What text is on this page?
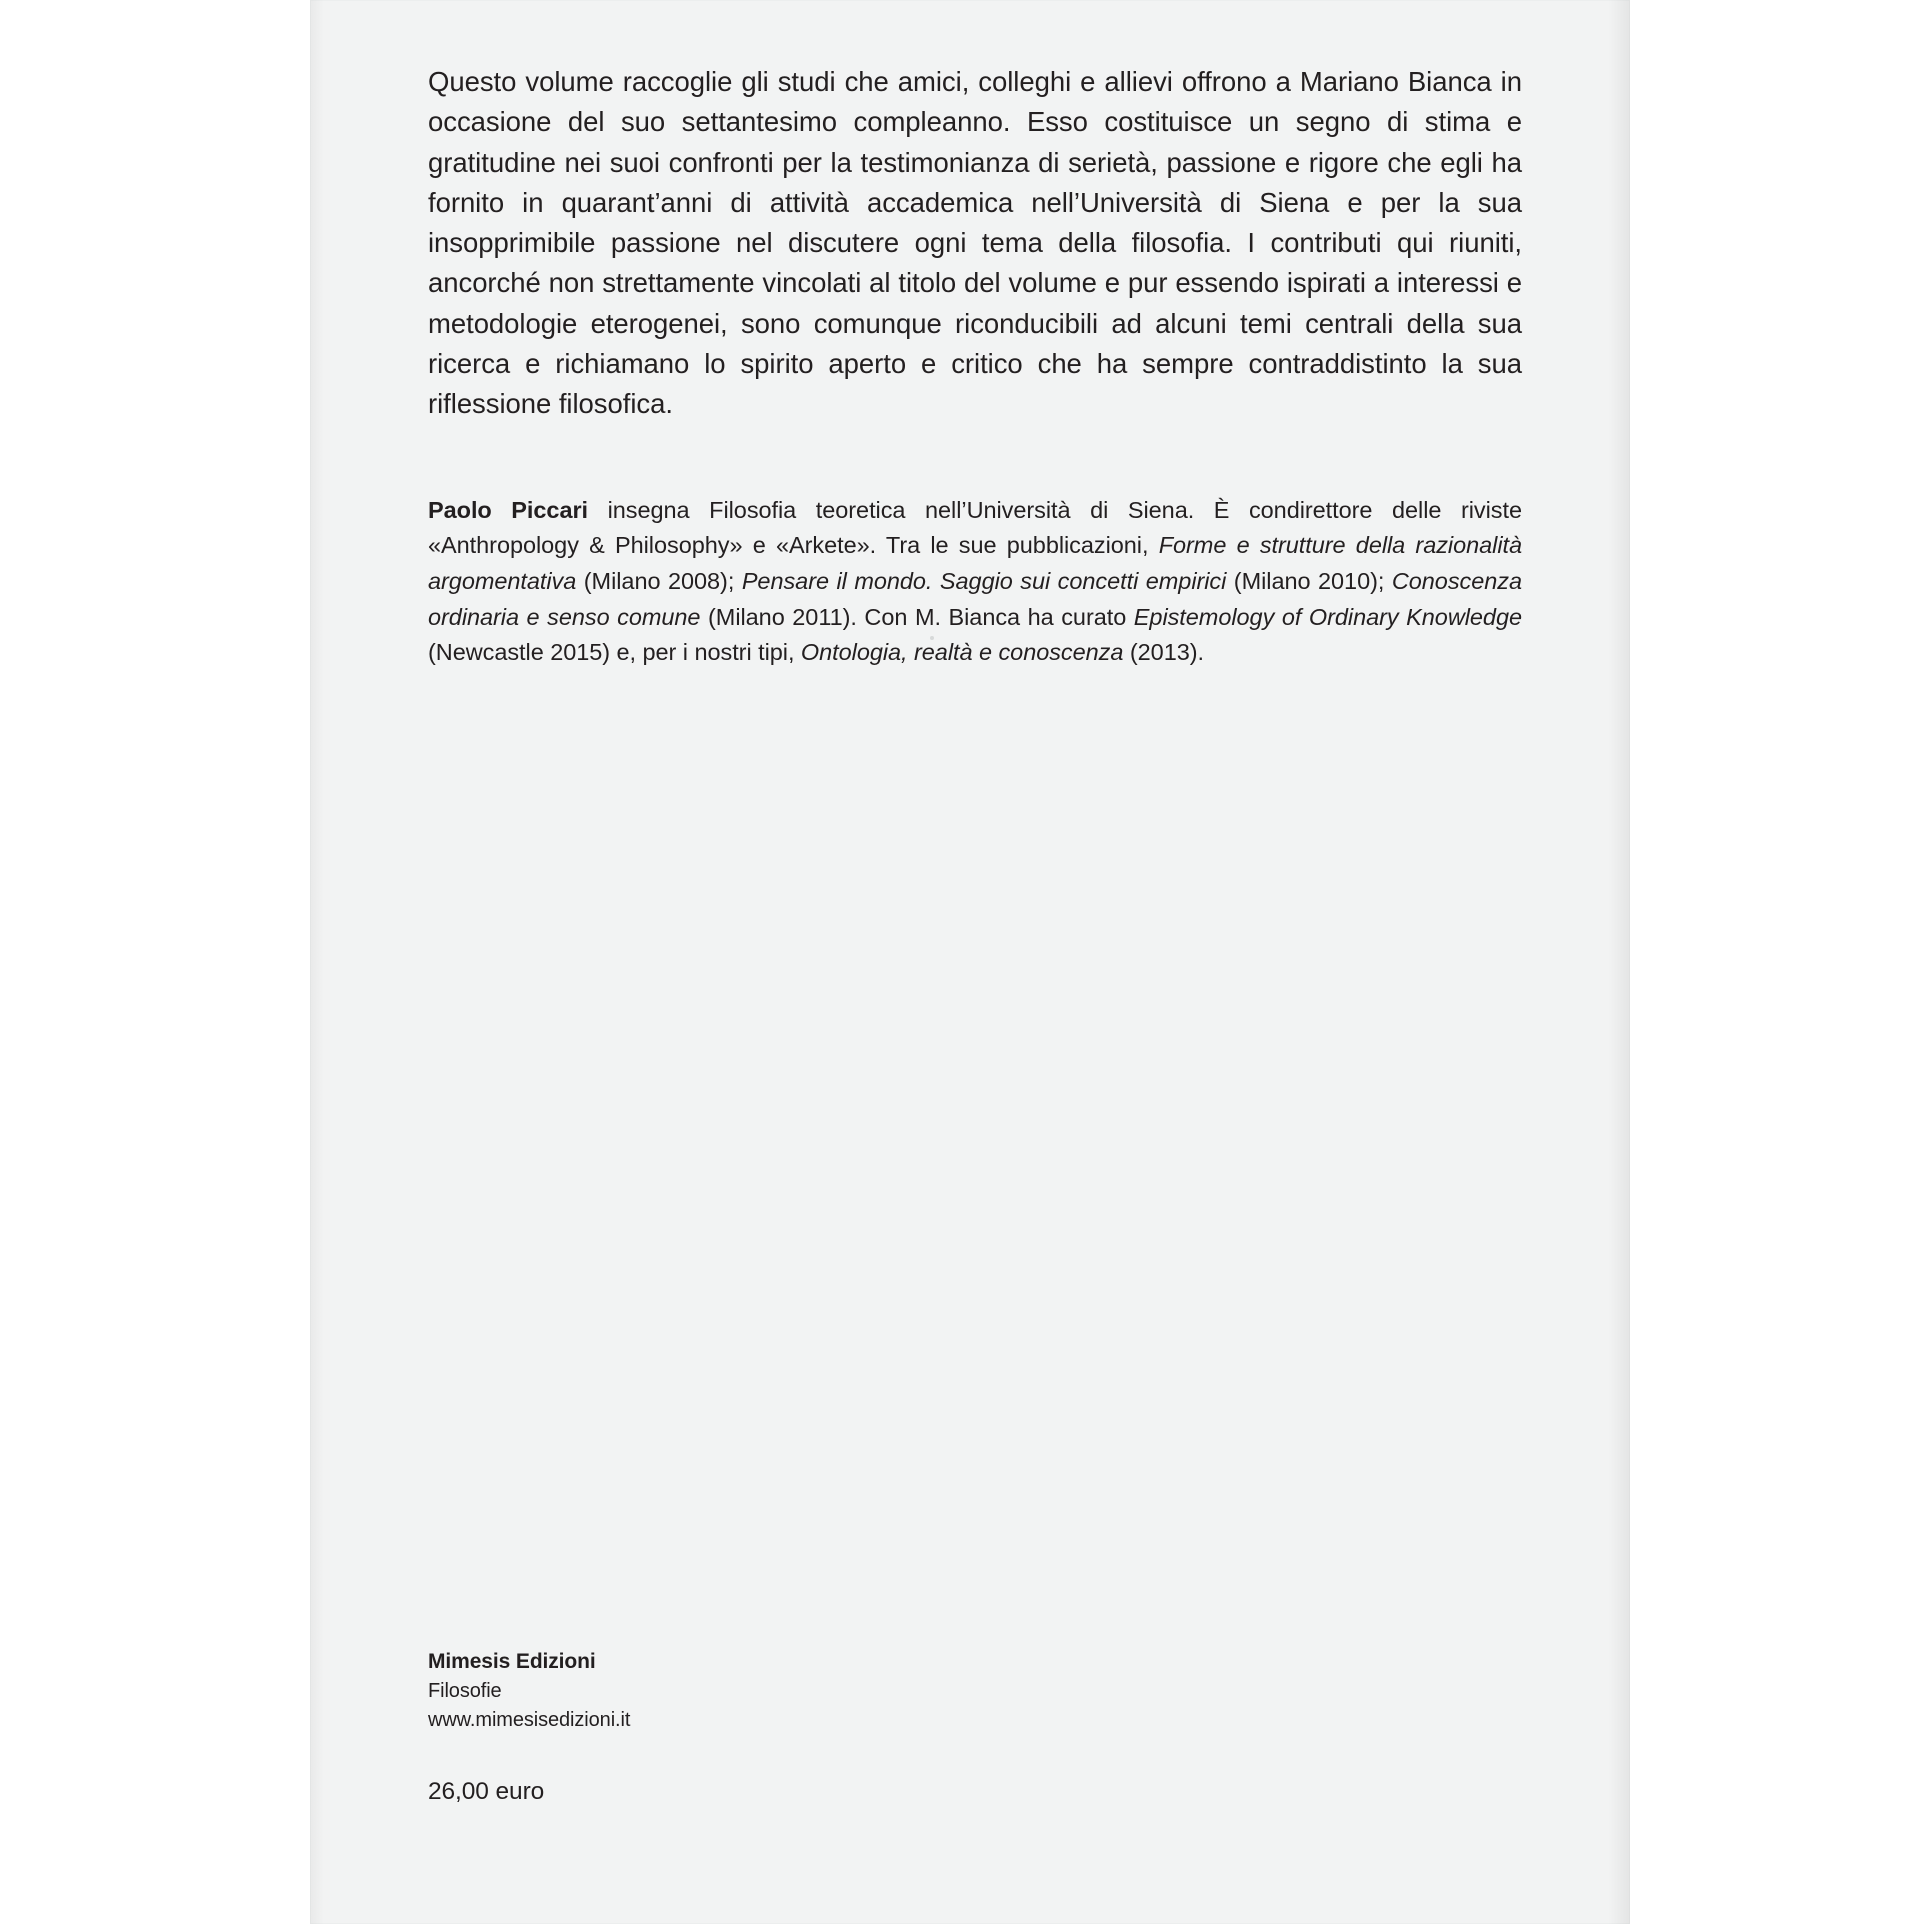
Questo volume raccoglie gli studi che amici, colleghi e allievi offrono a Mariano Bianca in occasione del suo settantesimo compleanno. Esso costituisce un segno di stima e gratitudine nei suoi confronti per la testimonianza di serietà, passione e rigore che egli ha fornito in quarant’anni di attività accademica nell’Università di Siena e per la sua insopprimibile passione nel discutere ogni tema della filosofia. I contributi qui riuniti, ancorché non strettamente vincolati al titolo del volume e pur essendo ispirati a interessi e metodologie eterogenei, sono comunque riconducibili ad alcuni temi centrali della sua ricerca e richiamano lo spirito aperto e critico che ha sempre contraddistinto la sua riflessione filosofica.

Paolo Piccari insegna Filosofia teoretica nell’Università di Siena. È condirettore delle riviste «Anthropology & Philosophy» e «Arkete». Tra le sue pubblicazioni, Forme e strutture della razionalità argomentativa (Milano 2008); Pensare il mondo. Saggio sui concetti empirici (Milano 2010); Conoscenza ordinaria e senso comune (Milano 2011). Con M. Bianca ha curato Epistemology of Ordinary Knowledge (Newcastle 2015) e, per i nostri tipi, Ontologia, realtà e conoscenza (2013).

Mimesis Edizioni
Filosofie
www.mimesisedizioni.it
26,00 euro
